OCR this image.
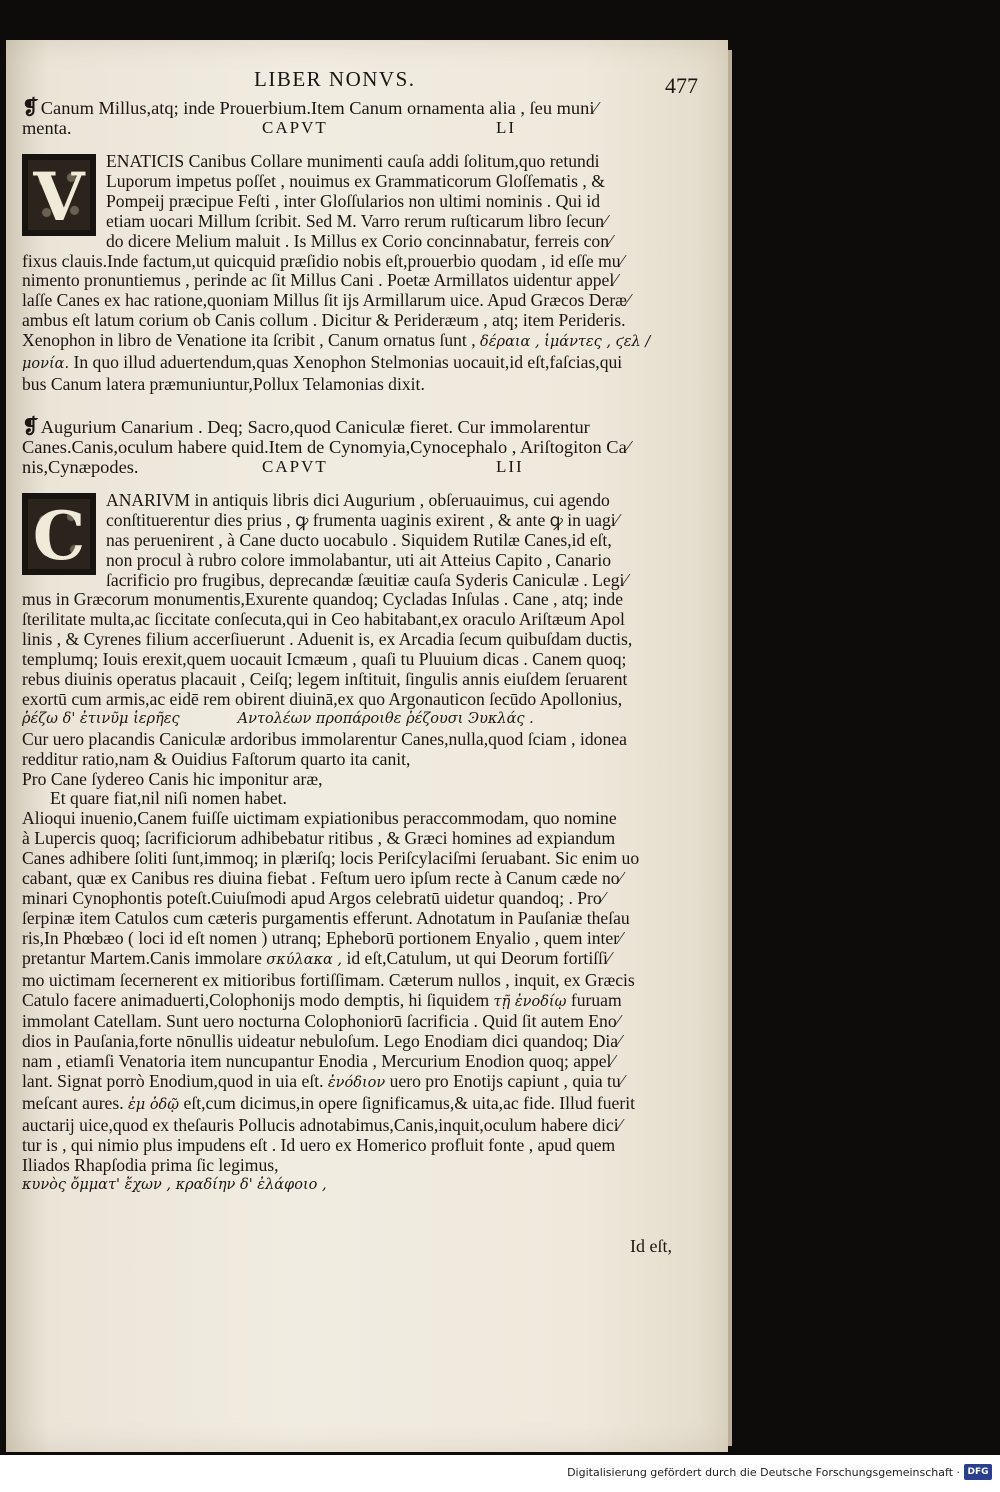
LIBER NONVS.	477
❡ Canum Millus,atq; inde Prouerbium.Item Canum ornamenta alia , ſeu muni⁄
menta.	CAPVT	LI
V	ENATICIS Canibus Collare munimenti cauſa addi ſolitum,quo retundi
Luporum impetus poſſet , nouimus ex Grammaticorum Gloſſematis , &
Pompeij præcipue Feſti , inter Gloſſularios non ultimi nominis . Qui id
etiam uocari Millum ſcribit. Sed M. Varro rerum ruſticarum libro ſecun⁄
do dicere Melium maluit . Is Millus ex Corio concinnabatur, ferreis con⁄
fixus clauis.Inde factum,ut quicquid præſidio nobis eſt,prouerbio quodam , id eſſe mu⁄
nimento pronuntiemus , perinde ac ſit Millus Cani . Poetæ Armillatos uidentur appel⁄
laſſe Canes ex hac ratione,quoniam Millus ſit ijs Armillarum uice. Apud Græcos Deræ⁄
ambus eſt latum corium ob Canis collum . Dicitur & Perideræum , atq; item Perideris.
Xenophon in libro de Venatione ita ſcribit , Canum ornatus ſunt , δέραια , ἱμάντες , ϛελ /
μονία. In quo illud aduertendum,quas Xenophon Stelmonias uocauit,id eſt,faſcias,qui
bus Canum latera præmuniuntur,Pollux Telamonias dixit.
❡ Augurium Canarium . Deq; Sacro,quod Caniculæ fieret. Cur immolarentur
Canes.Canis,oculum habere quid.Item de Cynomyia,Cynocephalo , Ariſtogiton Ca⁄
nis,Cynæpodes.	CAPVT	LII
C	ANARIVM in antiquis libris dici Augurium , obſeruauimus, cui agendo
conſtituerentur dies prius , ꝙ frumenta uaginis exirent , & ante ꝙ in uagi⁄
nas peruenirent , à Cane ducto uocabulo . Siquidem Rutilæ Canes,id eſt,
non procul à rubro colore immolabantur, uti ait Atteius Capito , Canario
ſacrificio pro frugibus, deprecandæ ſæuitiæ cauſa Syderis Caniculæ . Legi⁄
mus in Græcorum monumentis,Exurente quandoq; Cycladas Inſulas . Cane , atq; inde
ſterilitate multa,ac ſiccitate conſecuta,qui in Ceo habitabant,ex oraculo Ariſtæum Apol
linis , & Cyrenes filium accerſiuerunt . Aduenit is, ex Arcadia ſecum quibuſdam ductis,
templumq; Iouis erexit,quem uocauit Icmæum , quaſi tu Pluuium dicas . Canem quoq;
rebus diuinis operatus placauit , Ceiſq; legem inſtituit, ſingulis annis eiuſdem ſeruarent
exortū cum armis,ac eidē rem obirent diuinā,ex quo Argonauticon ſecūdo Apollonius,
ῥέζω δ' ἐτινῦμ ἱερῆες	Αντολέων προπάροιθε ῥέζουσι Ͽυκλάς .
Cur uero placandis Caniculæ ardoribus immolarentur Canes,nulla,quod ſciam , idonea
redditur ratio,nam & Ouidius Faſtorum quarto ita canit,
Pro Cane ſydereo Canis hic imponitur aræ,
Et quare fiat,nil niſi nomen habet.
Alioqui inuenio,Canem fuiſſe uictimam expiationibus peraccommodam, quo nomine
à Lupercis quoq; ſacrificiorum adhibebatur ritibus , & Græci homines ad expiandum
Canes adhibere ſoliti ſunt,immoq; in plæriſq; locis Periſcylaciſmi ſeruabant. Sic enim uo
cabant, quæ ex Canibus res diuina fiebat . Feſtum uero ipſum recte à Canum cæde no⁄
minari Cynophontis poteſt.Cuiuſmodi apud Argos celebratū uidetur quandoq; . Pro⁄
ſerpinæ item Catulos cum cæteris purgamentis efferunt. Adnotatum in Pauſaniæ theſau
ris,In Phœbæo ( loci id eſt nomen ) utranq; Epheborū portionem Enyalio , quem inter⁄
pretantur Martem.Canis immolare σκύλακα , id eſt,Catulum, ut qui Deorum fortiſſi⁄
mo uictimam ſecernerent ex mitioribus fortiſſimam. Cæterum nullos , inquit, ex Græcis
Catulo facere animaduerti,Colophonijs modo demptis, hi ſiquidem τῇ ἐνοδίῳ furuam
immolant Catellam. Sunt uero nocturna Colophoniorū ſacrificia . Quid ſit autem Eno⁄
dios in Pauſania,forte nōnullis uideatur nebuloſum. Lego Enodiam dici quandoq; Dia⁄
nam , etiamſi Venatoria item nuncupantur Enodia , Mercurium Enodion quoq; appel⁄
lant. Signat porrò Enodium,quod in uia eſt. ἐνόδιον uero pro Enotijs capiunt , quia tu⁄
meſcant aures. ἐμ ὁδῷ eſt,cum dicimus,in opere ſignificamus,& uita,ac fide. Illud fuerit
auctarij uice,quod ex theſauris Pollucis adnotabimus,Canis,inquit,oculum habere dici⁄
tur is , qui nimio plus impudens eſt . Id uero ex Homerico profluit fonte , apud quem
Iliados Rhapſodia prima ſic legimus,
κυνὸς ὄμματ' ἔχων , κραδίην δ' ἐλάφοιο ,
Id eſt,
Digitalisierung gefördert durch die Deutsche Forschungsgemeinschaft · DFG
